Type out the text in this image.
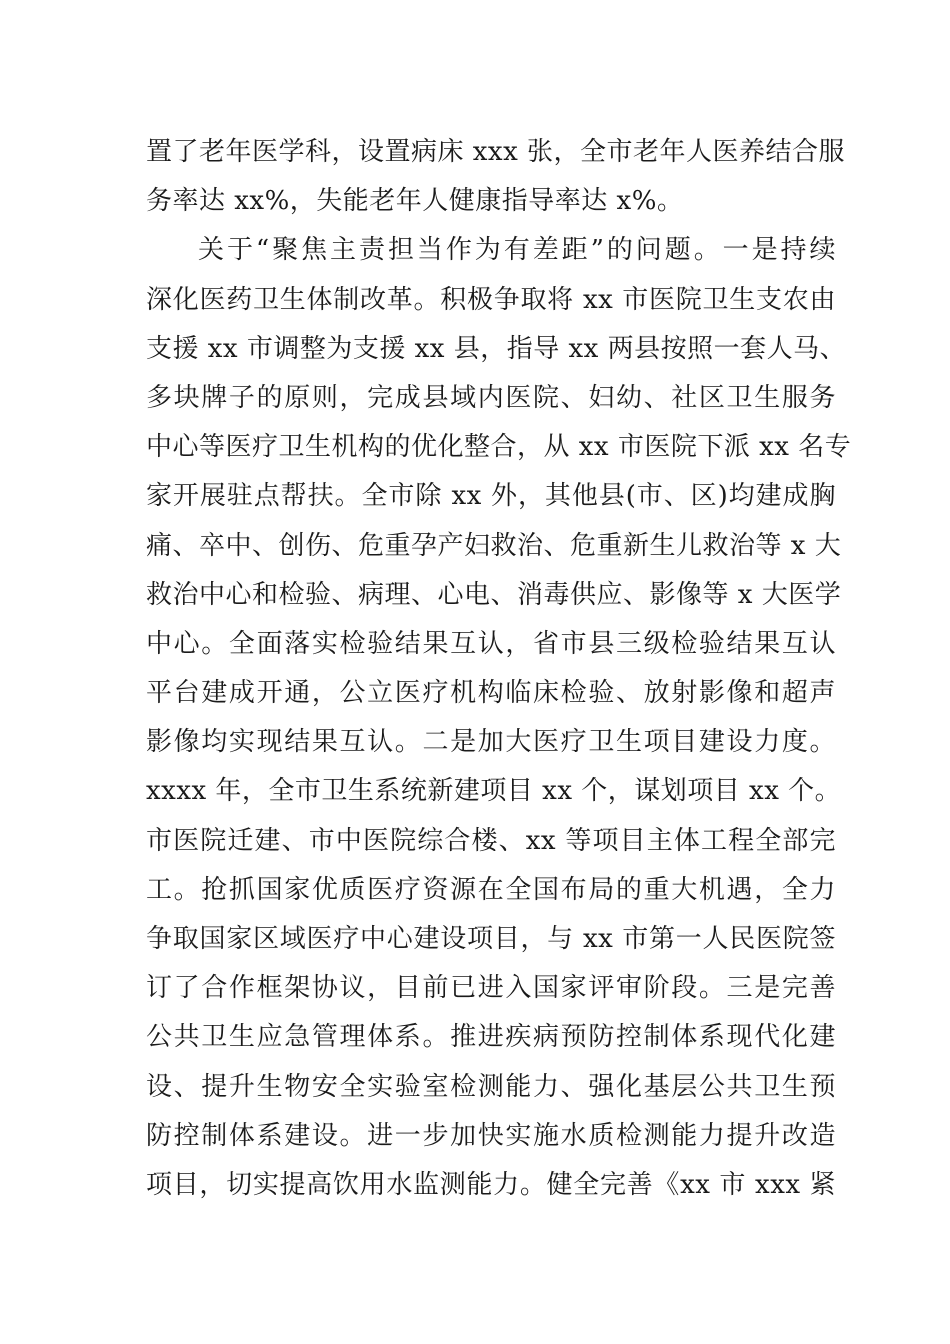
置了老年医学科，设置病床 xxx 张，全市老年人医养结合服
务率达 xx%，失能老年人健康指导率达 x%。
关于“聚焦主责担当作为有差距”的问题。一是持续
深化医药卫生体制改革。积极争取将 xx 市医院卫生支农由
支援 xx 市调整为支援 xx 县，指导 xx 两县按照一套人马、
多块牌子的原则，完成县域内医院、妇幼、社区卫生服务
中心等医疗卫生机构的优化整合，从 xx 市医院下派 xx 名专
家开展驻点帮扶。全市除 xx 外，其他县(市、区)均建成胸
痛、卒中、创伤、危重孕产妇救治、危重新生儿救治等 x 大
救治中心和检验、病理、心电、消毒供应、影像等 x 大医学
中心。全面落实检验结果互认，省市县三级检验结果互认
平台建成开通，公立医疗机构临床检验、放射影像和超声
影像均实现结果互认。二是加大医疗卫生项目建设力度。
xxxx 年，全市卫生系统新建项目 xx 个，谋划项目 xx 个。
市医院迁建、市中医院综合楼、xx 等项目主体工程全部完
工。抢抓国家优质医疗资源在全国布局的重大机遇，全力
争取国家区域医疗中心建设项目，与 xx 市第一人民医院签
订了合作框架协议，目前已进入国家评审阶段。三是完善
公共卫生应急管理体系。推进疾病预防控制体系现代化建
设、提升生物安全实验室检测能力、强化基层公共卫生预
防控制体系建设。进一步加快实施水质检测能力提升改造
项目，切实提高饮用水监测能力。健全完善《xx 市 xxx 紧
